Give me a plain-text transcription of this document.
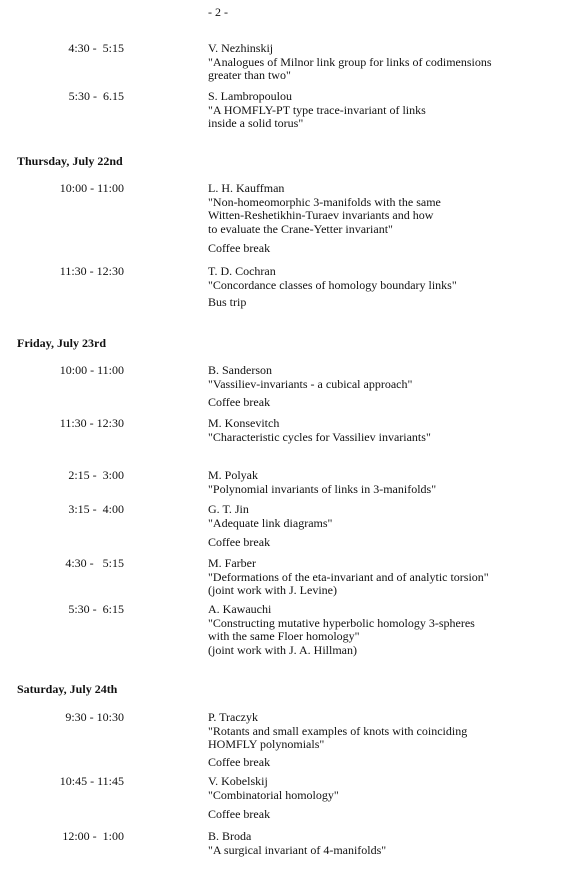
- 2 -
4:30 -  5:15	V. Nezhinskij
"Analogues of Milnor link group for links of codimensions
greater than two"
5:30 -  6.15	S. Lambropoulou
"A HOMFLY-PT type trace-invariant of links
inside a solid torus"
Thursday, July 22nd
10:00 - 11:00	L. H. Kauffman
"Non-homeomorphic 3-manifolds with the same
Witten-Reshetikhin-Turaev invariants and how
to evaluate the Crane-Yetter invariant"
Coffee break
11:30 - 12:30	T. D. Cochran
"Concordance classes of homology boundary links"
Bus trip
Friday, July 23rd
10:00 - 11:00	B. Sanderson
"Vassiliev-invariants - a cubical approach"
Coffee break
11:30 - 12:30	M. Konsevitch
"Characteristic cycles for Vassiliev invariants"
2:15 -  3:00	M. Polyak
"Polynomial invariants of links in 3-manifolds"
3:15 -  4:00	G. T. Jin
"Adequate link diagrams"
Coffee break
4:30 -   5:15	M. Farber
"Deformations of the eta-invariant and of analytic torsion"
(joint work with J. Levine)
5:30 -  6:15	A. Kawauchi
"Constructing mutative hyperbolic homology 3-spheres
with the same Floer homology"
(joint work with J. A. Hillman)
Saturday, July 24th
9:30 - 10:30	P. Traczyk
"Rotants and small examples of knots with coinciding
HOMFLY polynomials"
Coffee break
10:45 - 11:45	V. Kobelskij
"Combinatorial homology"
Coffee break
12:00 -  1:00	B. Broda
"A surgical invariant of 4-manifolds"
